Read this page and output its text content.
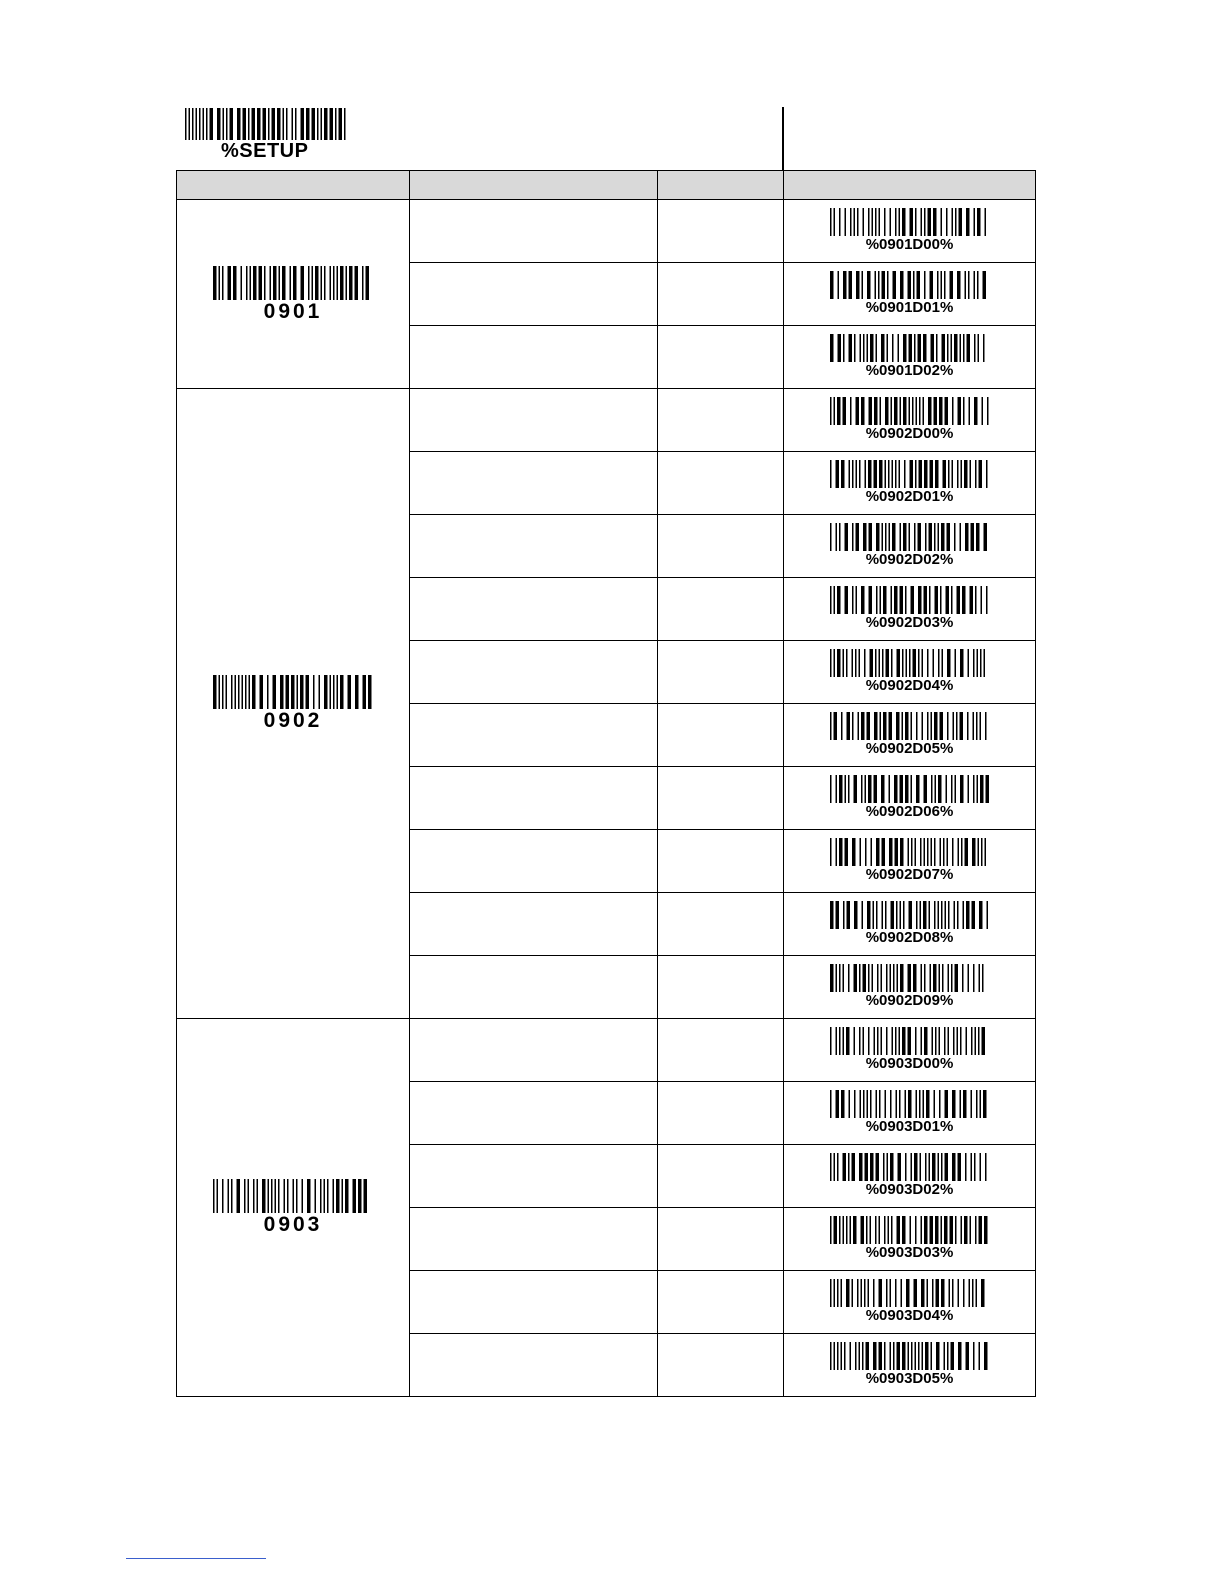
%SETUP

0901			%0901D00%

			%0901D01%

			%0901D02%

0902			%0902D00%

			%0902D01%

			%0902D02%

			%0902D03%

			%0902D04%

			%0902D05%

			%0902D06%

			%0902D07%

			%0902D08%

			%0902D09%

0903			%0903D00%

			%0903D01%

			%0903D02%

			%0903D03%

			%0903D04%

			%0903D05%
